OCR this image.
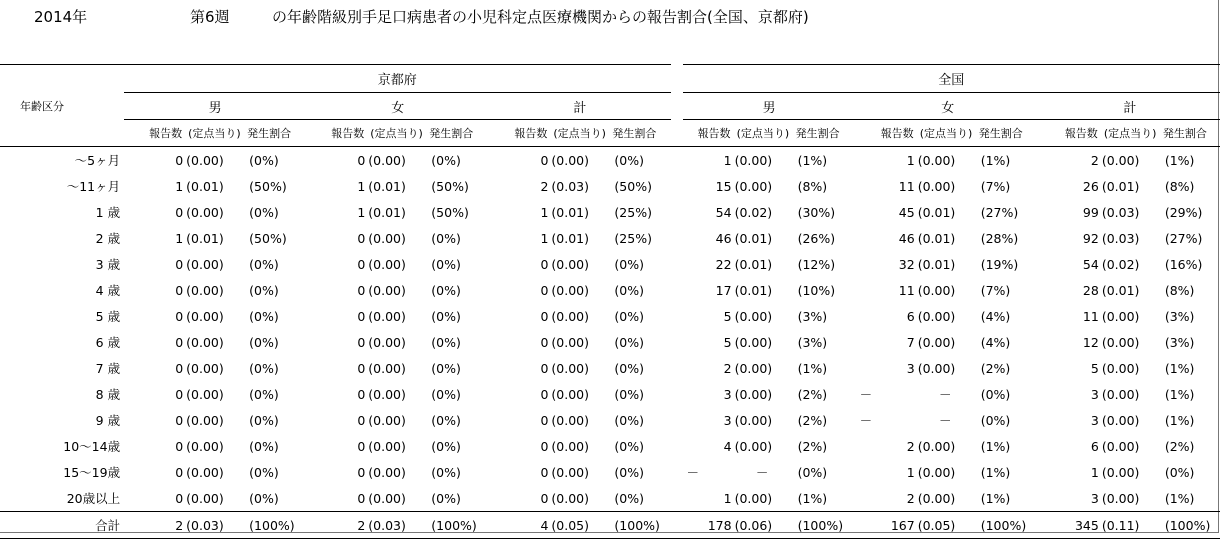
2014年	第6週	の年齢階級別手足口病患者の小児科定点医療機関からの報告割合(全国、京都府)
年齢区分	京都府										全国								
	男			女			計				男			女			計		
	報告数	(定点当り)	発生割合	報告数	(定点当り)	発生割合	報告数	(定点当り)	発生割合		報告数	(定点当り)	発生割合	報告数	(定点当り)	発生割合	報告数	(定点当り)	発生割合
～5ヶ月	0	(0.00)	(0%)	0	(0.00)	(0%)	0	(0.00)	(0%)		1	(0.00)	(1%)	1	(0.00)	(1%)	2	(0.00)	(1%)
～11ヶ月	1	(0.01)	(50%)	1	(0.01)	(50%)	2	(0.03)	(50%)		15	(0.00)	(8%)	11	(0.00)	(7%)	26	(0.01)	(8%)
1 歳	0	(0.00)	(0%)	1	(0.01)	(50%)	1	(0.01)	(25%)		54	(0.02)	(30%)	45	(0.01)	(27%)	99	(0.03)	(29%)
2 歳	1	(0.01)	(50%)	0	(0.00)	(0%)	1	(0.01)	(25%)		46	(0.01)	(26%)	46	(0.01)	(28%)	92	(0.03)	(27%)
3 歳	0	(0.00)	(0%)	0	(0.00)	(0%)	0	(0.00)	(0%)		22	(0.01)	(12%)	32	(0.01)	(19%)	54	(0.02)	(16%)
4 歳	0	(0.00)	(0%)	0	(0.00)	(0%)	0	(0.00)	(0%)		17	(0.01)	(10%)	11	(0.00)	(7%)	28	(0.01)	(8%)
5 歳	0	(0.00)	(0%)	0	(0.00)	(0%)	0	(0.00)	(0%)		5	(0.00)	(3%)	6	(0.00)	(4%)	11	(0.00)	(3%)
6 歳	0	(0.00)	(0%)	0	(0.00)	(0%)	0	(0.00)	(0%)		5	(0.00)	(3%)	7	(0.00)	(4%)	12	(0.00)	(3%)
7 歳	0	(0.00)	(0%)	0	(0.00)	(0%)	0	(0.00)	(0%)		2	(0.00)	(1%)	3	(0.00)	(2%)	5	(0.00)	(1%)
8 歳	0	(0.00)	(0%)	0	(0.00)	(0%)	0	(0.00)	(0%)		3	(0.00)	(2%)	－	－	(0%)	3	(0.00)	(1%)
9 歳	0	(0.00)	(0%)	0	(0.00)	(0%)	0	(0.00)	(0%)		3	(0.00)	(2%)	－	－	(0%)	3	(0.00)	(1%)
10～14歳	0	(0.00)	(0%)	0	(0.00)	(0%)	0	(0.00)	(0%)		4	(0.00)	(2%)	2	(0.00)	(1%)	6	(0.00)	(2%)
15～19歳	0	(0.00)	(0%)	0	(0.00)	(0%)	0	(0.00)	(0%)		－	－	(0%)	1	(0.00)	(1%)	1	(0.00)	(0%)
20歳以上	0	(0.00)	(0%)	0	(0.00)	(0%)	0	(0.00)	(0%)		1	(0.00)	(1%)	2	(0.00)	(1%)	3	(0.00)	(1%)
合計	2	(0.03)	(100%)	2	(0.03)	(100%)	4	(0.05)	(100%)		178	(0.06)	(100%)	167	(0.05)	(100%)	345	(0.11)	(100%)
